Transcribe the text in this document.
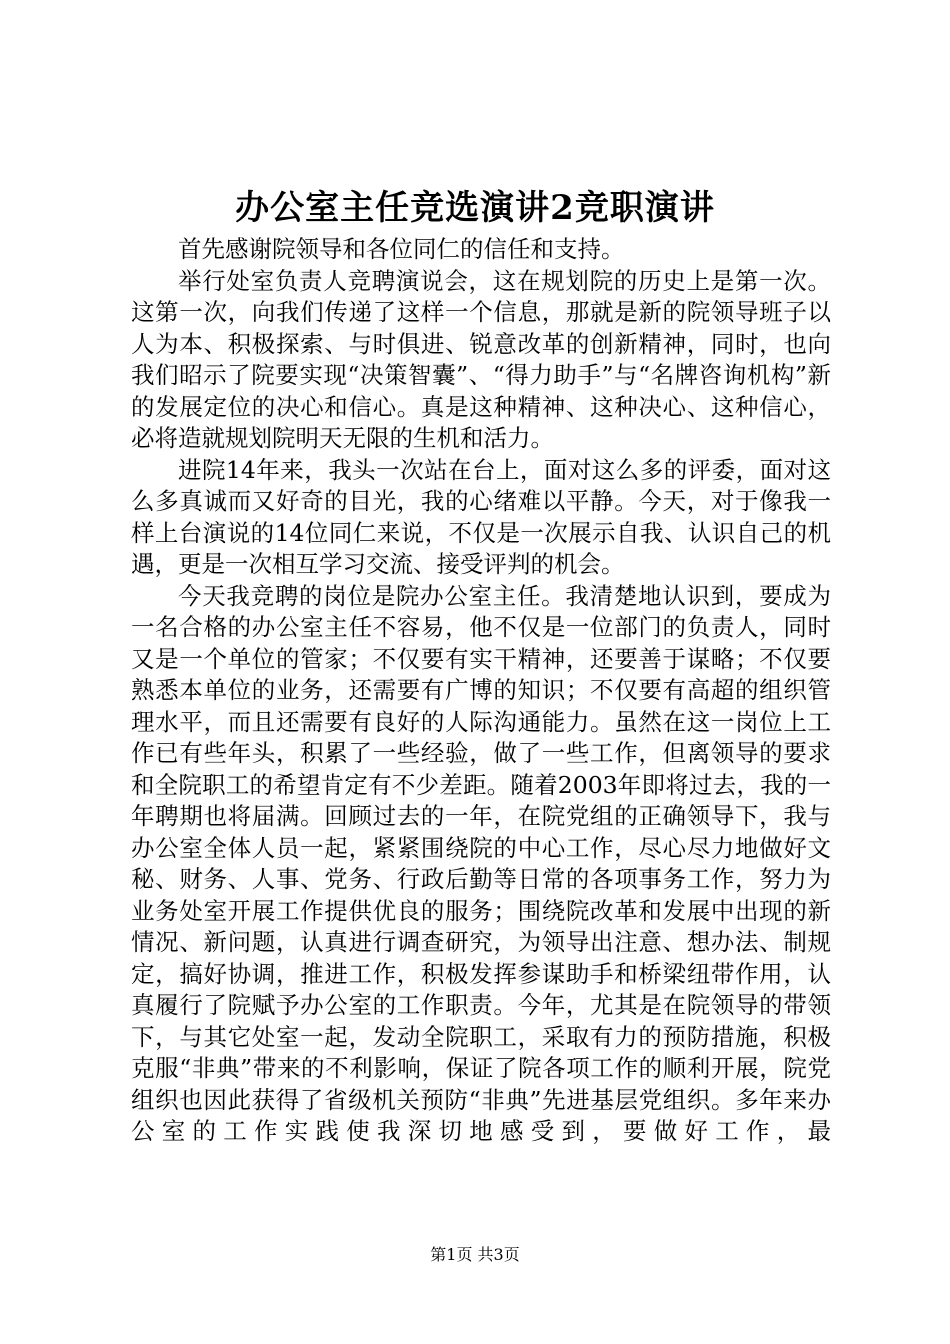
办公室主任竞选演讲2竞职演讲

首先感谢院领导和各位同仁的信任和支持。

举行处室负责人竞聘演说会，这在规划院的历史上是第一次。这第一次，向我们传递了这样一个信息，那就是新的院领导班子以人为本、积极探索、与时俱进、锐意改革的创新精神，同时，也向我们昭示了院要实现“决策智囊”、“得力助手”与“名牌咨询机构”新的发展定位的决心和信心。真是这种精神、这种决心、这种信心，必将造就规划院明天无限的生机和活力。

进院14年来，我头一次站在台上，面对这么多的评委，面对这么多真诚而又好奇的目光，我的心绪难以平静。今天，对于像我一样上台演说的14位同仁来说，不仅是一次展示自我、认识自己的机遇，更是一次相互学习交流、接受评判的机会。

今天我竞聘的岗位是院办公室主任。我清楚地认识到，要成为一名合格的办公室主任不容易，他不仅是一位部门的负责人，同时又是一个单位的管家；不仅要有实干精神，还要善于谋略；不仅要熟悉本单位的业务，还需要有广博的知识；不仅要有高超的组织管理水平，而且还需要有良好的人际沟通能力。虽然在这一岗位上工作已有些年头，积累了一些经验，做了一些工作，但离领导的要求和全院职工的希望肯定有不少差距。随着2003年即将过去，我的一年聘期也将届满。回顾过去的一年，在院党组的正确领导下，我与办公室全体人员一起，紧紧围绕院的中心工作，尽心尽力地做好文秘、财务、人事、党务、行政后勤等日常的各项事务工作，努力为业务处室开展工作提供优良的服务；围绕院改革和发展中出现的新情况、新问题，认真进行调查研究，为领导出注意、想办法、制规定，搞好协调，推进工作，积极发挥参谋助手和桥梁纽带作用，认真履行了院赋予办公室的工作职责。今年，尤其是在院领导的带领下，与其它处室一起，发动全院职工，采取有力的预防措施，积极克服“非典”带来的不利影响，保证了院各项工作的顺利开展，院党组织也因此获得了省级机关预防“非典”先进基层党组织。多年来办公室的工作实践使我深切地感受到，要做好工作，最

第1页 共3页
